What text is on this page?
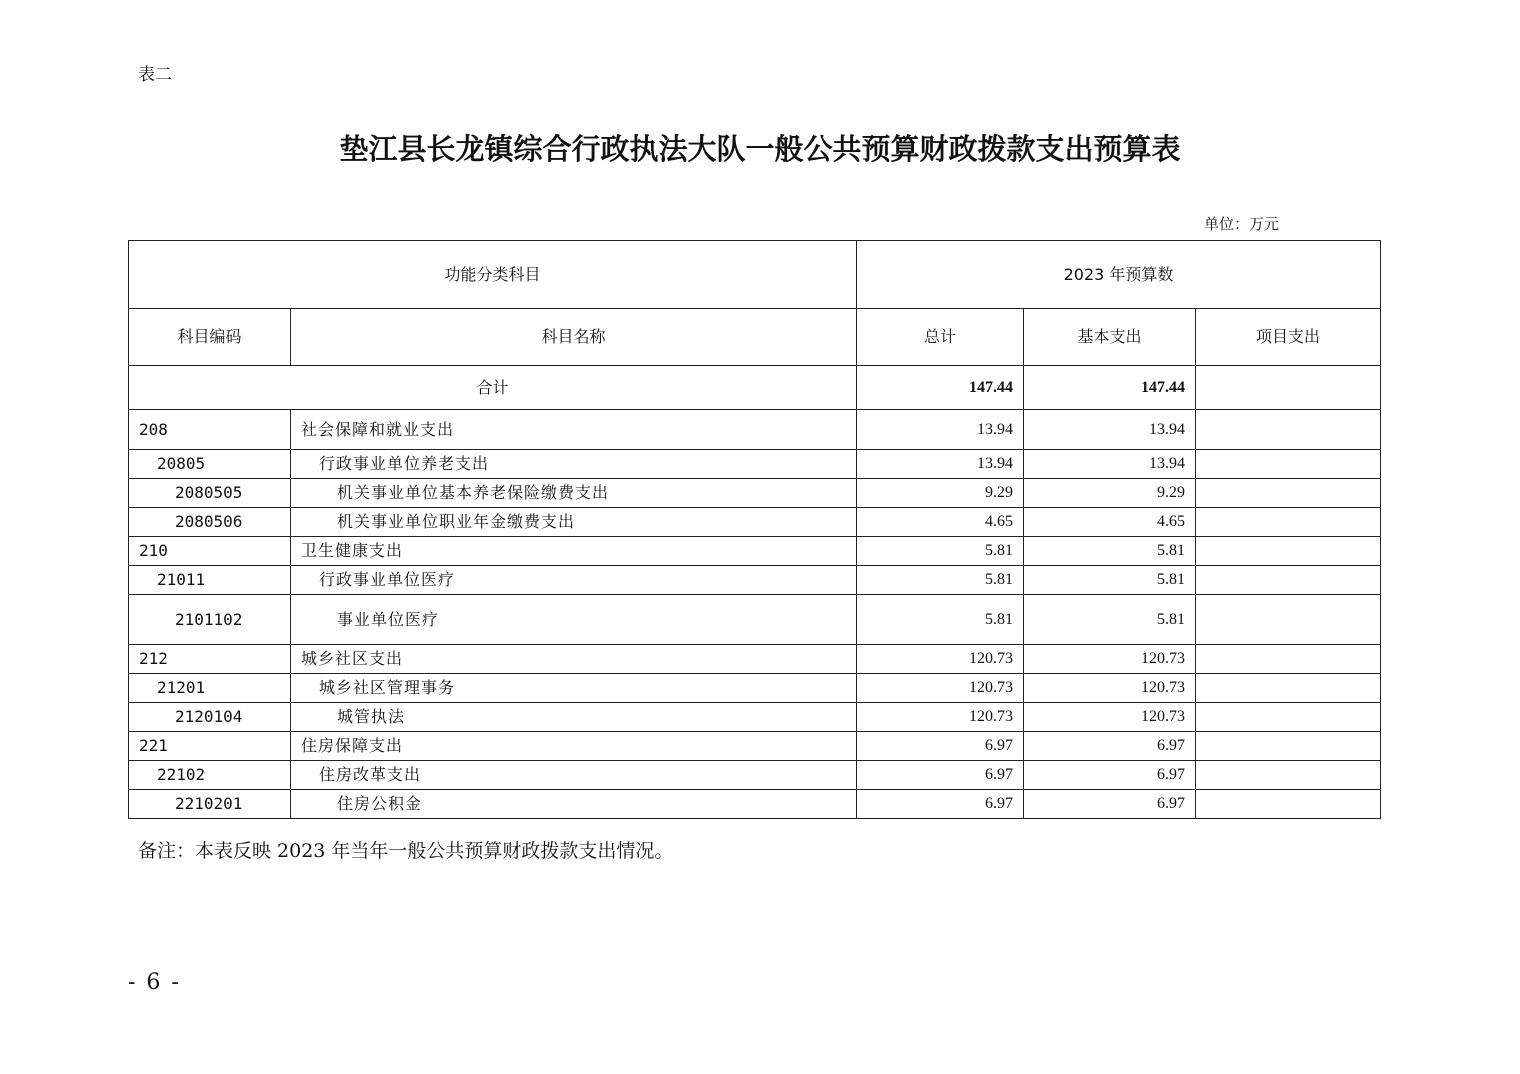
表二
垫江县长龙镇综合行政执法大队一般公共预算财政拨款支出预算表
单位：万元
功能分类科目		2023 年预算数		
科目编码	科目名称	总计	基本支出	项目支出
合计		147.44	147.44	
208	社会保障和就业支出	13.94	13.94	
20805	行政事业单位养老支出	13.94	13.94	
2080505	机关事业单位基本养老保险缴费支出	9.29	9.29	
2080506	机关事业单位职业年金缴费支出	4.65	4.65	
210	卫生健康支出	5.81	5.81	
21011	行政事业单位医疗	5.81	5.81	
2101102	事业单位医疗	5.81	5.81	
212	城乡社区支出	120.73	120.73	
21201	城乡社区管理事务	120.73	120.73	
2120104	城管执法	120.73	120.73	
221	住房保障支出	6.97	6.97	
22102	住房改革支出	6.97	6.97	
2210201	住房公积金	6.97	6.97	
备注：本表反映 2023 年当年一般公共预算财政拨款支出情况。
- 6 -
